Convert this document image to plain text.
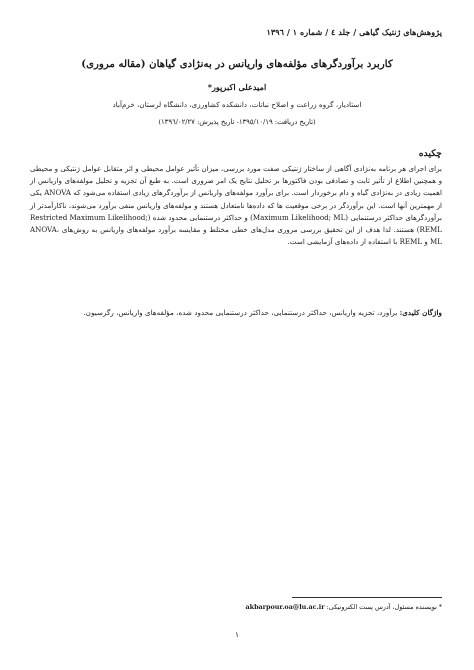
پژوهش‌های ژنتیک گیاهی / جلد ٤ / شماره ١ / ١٣٩٦
کاربرد برآوردگرهای مؤلفه‌های واریانس در به‌نژادی گیاهان (مقاله مروری)
امیدعلی اکبرپور*
استادیار، گروه زراعت و اصلاح نباتات، دانشکده کشاورزی، دانشگاه لرستان، خرم‌آباد
(تاریخ دریافت: ١٣٩٥/١٠/١٩- تاریخ پذیرش: ١٣٩٦/٠٢/٢٧)
چکیده
برای اجرای هر برنامه به‌نژادی آگاهی از ساختار ژنتیکی صفت مورد بررسی، میزان تأثیر عوامل محیطی و اثر متقابل عوامل ژنتیکی و محیطی و همچنین اطلاع از تأثیر ثابت و تصادفی بودن فاکتورها بر تحلیل نتایج یک امر ضروری است. به طبع آن تجزیه و تحلیل مولفه‌های واریانس از اهمیت زیادی در به‌نژادی گیاه و دام برخوردار است. برای برآورد مولفه‌های واریانس از برآوردگرهای زیادی استفاده می‌شود که ANOVA یکی از مهمترین آنها است. این برآوردگر در برخی موقعیت ها که داده‌ها نامتعادل هستند و مولفه‌های واریانس منفی برآورد می‌شوند، ناکارآمدتر از برآوردگرهای حداکثر درستنمایی (Maximum Likelihood; ML) و حداکثر درستنمایی محدود شده (Restricted Maximum Likelihood; REML) هستند. لذا هدف از این تحقیق بررسی مروری مدل‌های خطی مختلط و مقایسه برآورد مولفه‌های واریانس به روش‌های ANOVA، ML و REML با استفاده از داده‌های آزمایشی است.
واژگان کلیدی: برآورد، تجزیه واریانس، حداکثر درستنمایی، حداکثر درستنمایی محدود شده، مؤلفه‌های واریانس، رگرسیون.
* نویسنده مسئول، آدرس پست الکترونیکی: akbarpour.oa@lu.ac.ir
١
